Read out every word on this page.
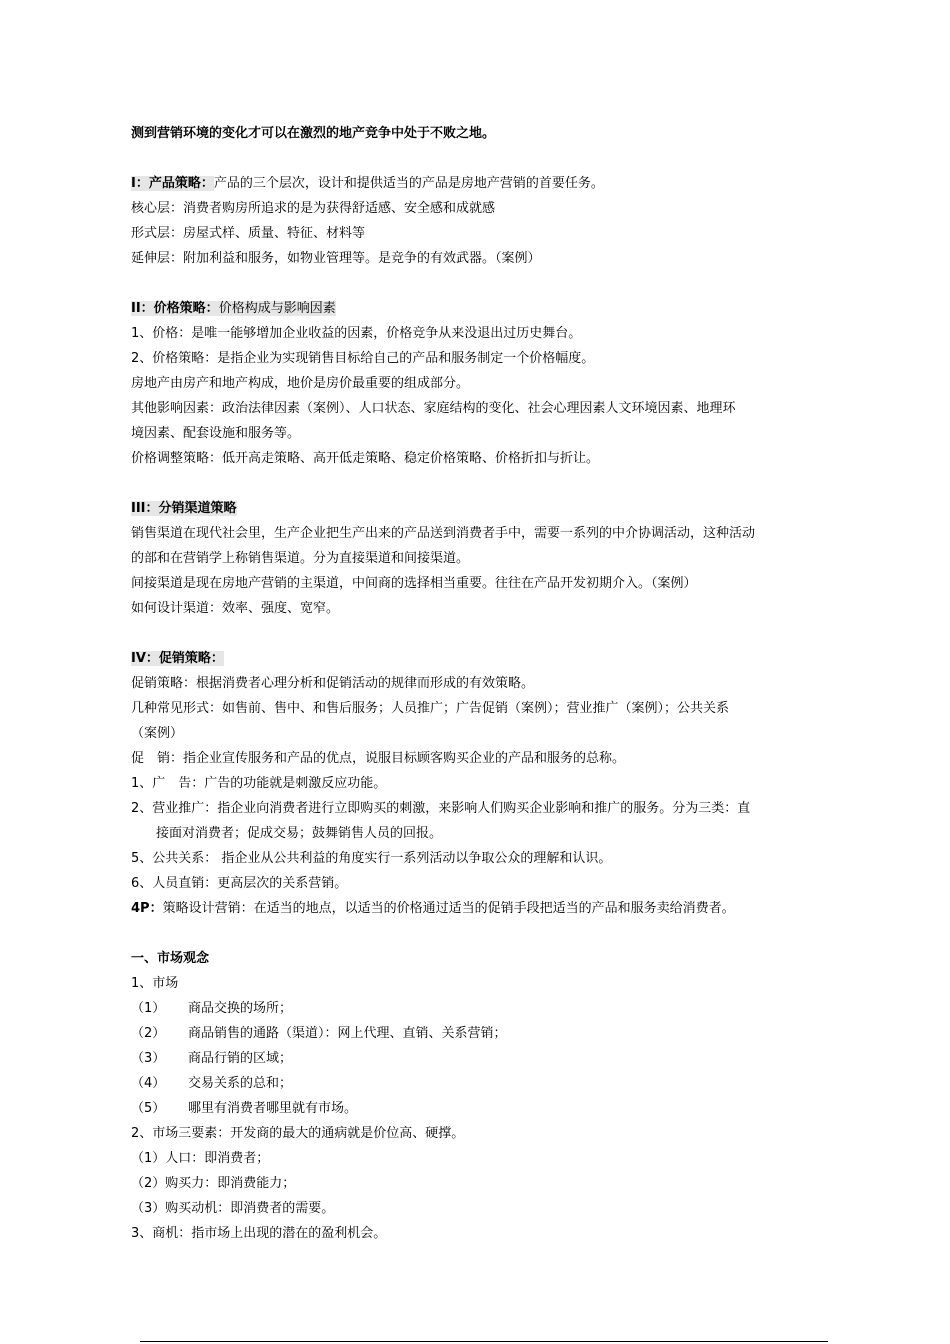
测到营销环境的变化才可以在激烈的地产竞争中处于不败之地。
I：产品策略：产品的三个层次，设计和提供适当的产品是房地产营销的首要任务。
核心层：消费者购房所追求的是为获得舒适感、安全感和成就感
形式层：房屋式样、质量、特征、材料等
延伸层：附加利益和服务，如物业管理等。是竞争的有效武器。（案例）
II：价格策略：价格构成与影响因素
1、价格：是唯一能够增加企业收益的因素，价格竞争从来没退出过历史舞台。
2、价格策略：是指企业为实现销售目标给自己的产品和服务制定一个价格幅度。
房地产由房产和地产构成，地价是房价最重要的组成部分。
其他影响因素：政治法律因素（案例）、人口状态、家庭结构的变化、社会心理因素人文环境因素、地理环
境因素、配套设施和服务等。
价格调整策略：低开高走策略、高开低走策略、稳定价格策略、价格折扣与折让。
III：分销渠道策略
销售渠道在现代社会里，生产企业把生产出来的产品送到消费者手中，需要一系列的中介协调活动，这种活动
的部和在营销学上称销售渠道。分为直接渠道和间接渠道。
间接渠道是现在房地产营销的主渠道，中间商的选择相当重要。往往在产品开发初期介入。（案例）
如何设计渠道：效率、强度、宽窄。
IV：促销策略：
促销策略：根据消费者心理分析和促销活动的规律而形成的有效策略。
几种常见形式：如售前、售中、和售后服务；人员推广；广告促销（案例）；营业推广（案例）；公共关系
（案例）
促　销：指企业宣传服务和产品的优点，说服目标顾客购买企业的产品和服务的总称。
1、广　告：广告的功能就是刺激反应功能。
2、营业推广：指企业向消费者进行立即购买的刺激，来影响人们购买企业影响和推广的服务。分为三类：直
接面对消费者；促成交易；鼓舞销售人员的回报。
5、公共关系： 指企业从公共利益的角度实行一系列活动以争取公众的理解和认识。
6、人员直销：更高层次的关系营销。
4P：策略设计营销：在适当的地点，以适当的价格通过适当的促销手段把适当的产品和服务卖给消费者。
一、市场观念
1、市场
（1） 商品交换的场所；
（2） 商品销售的通路（渠道）：网上代理、直销、关系营销；
（3） 商品行销的区域；
（4） 交易关系的总和；
（5） 哪里有消费者哪里就有市场。
2、市场三要素：开发商的最大的通病就是价位高、硬撑。
（1）人口：即消费者；
（2）购买力：即消费能力；
（3）购买动机：即消费者的需要。
3、商机：指市场上出现的潜在的盈利机会。
